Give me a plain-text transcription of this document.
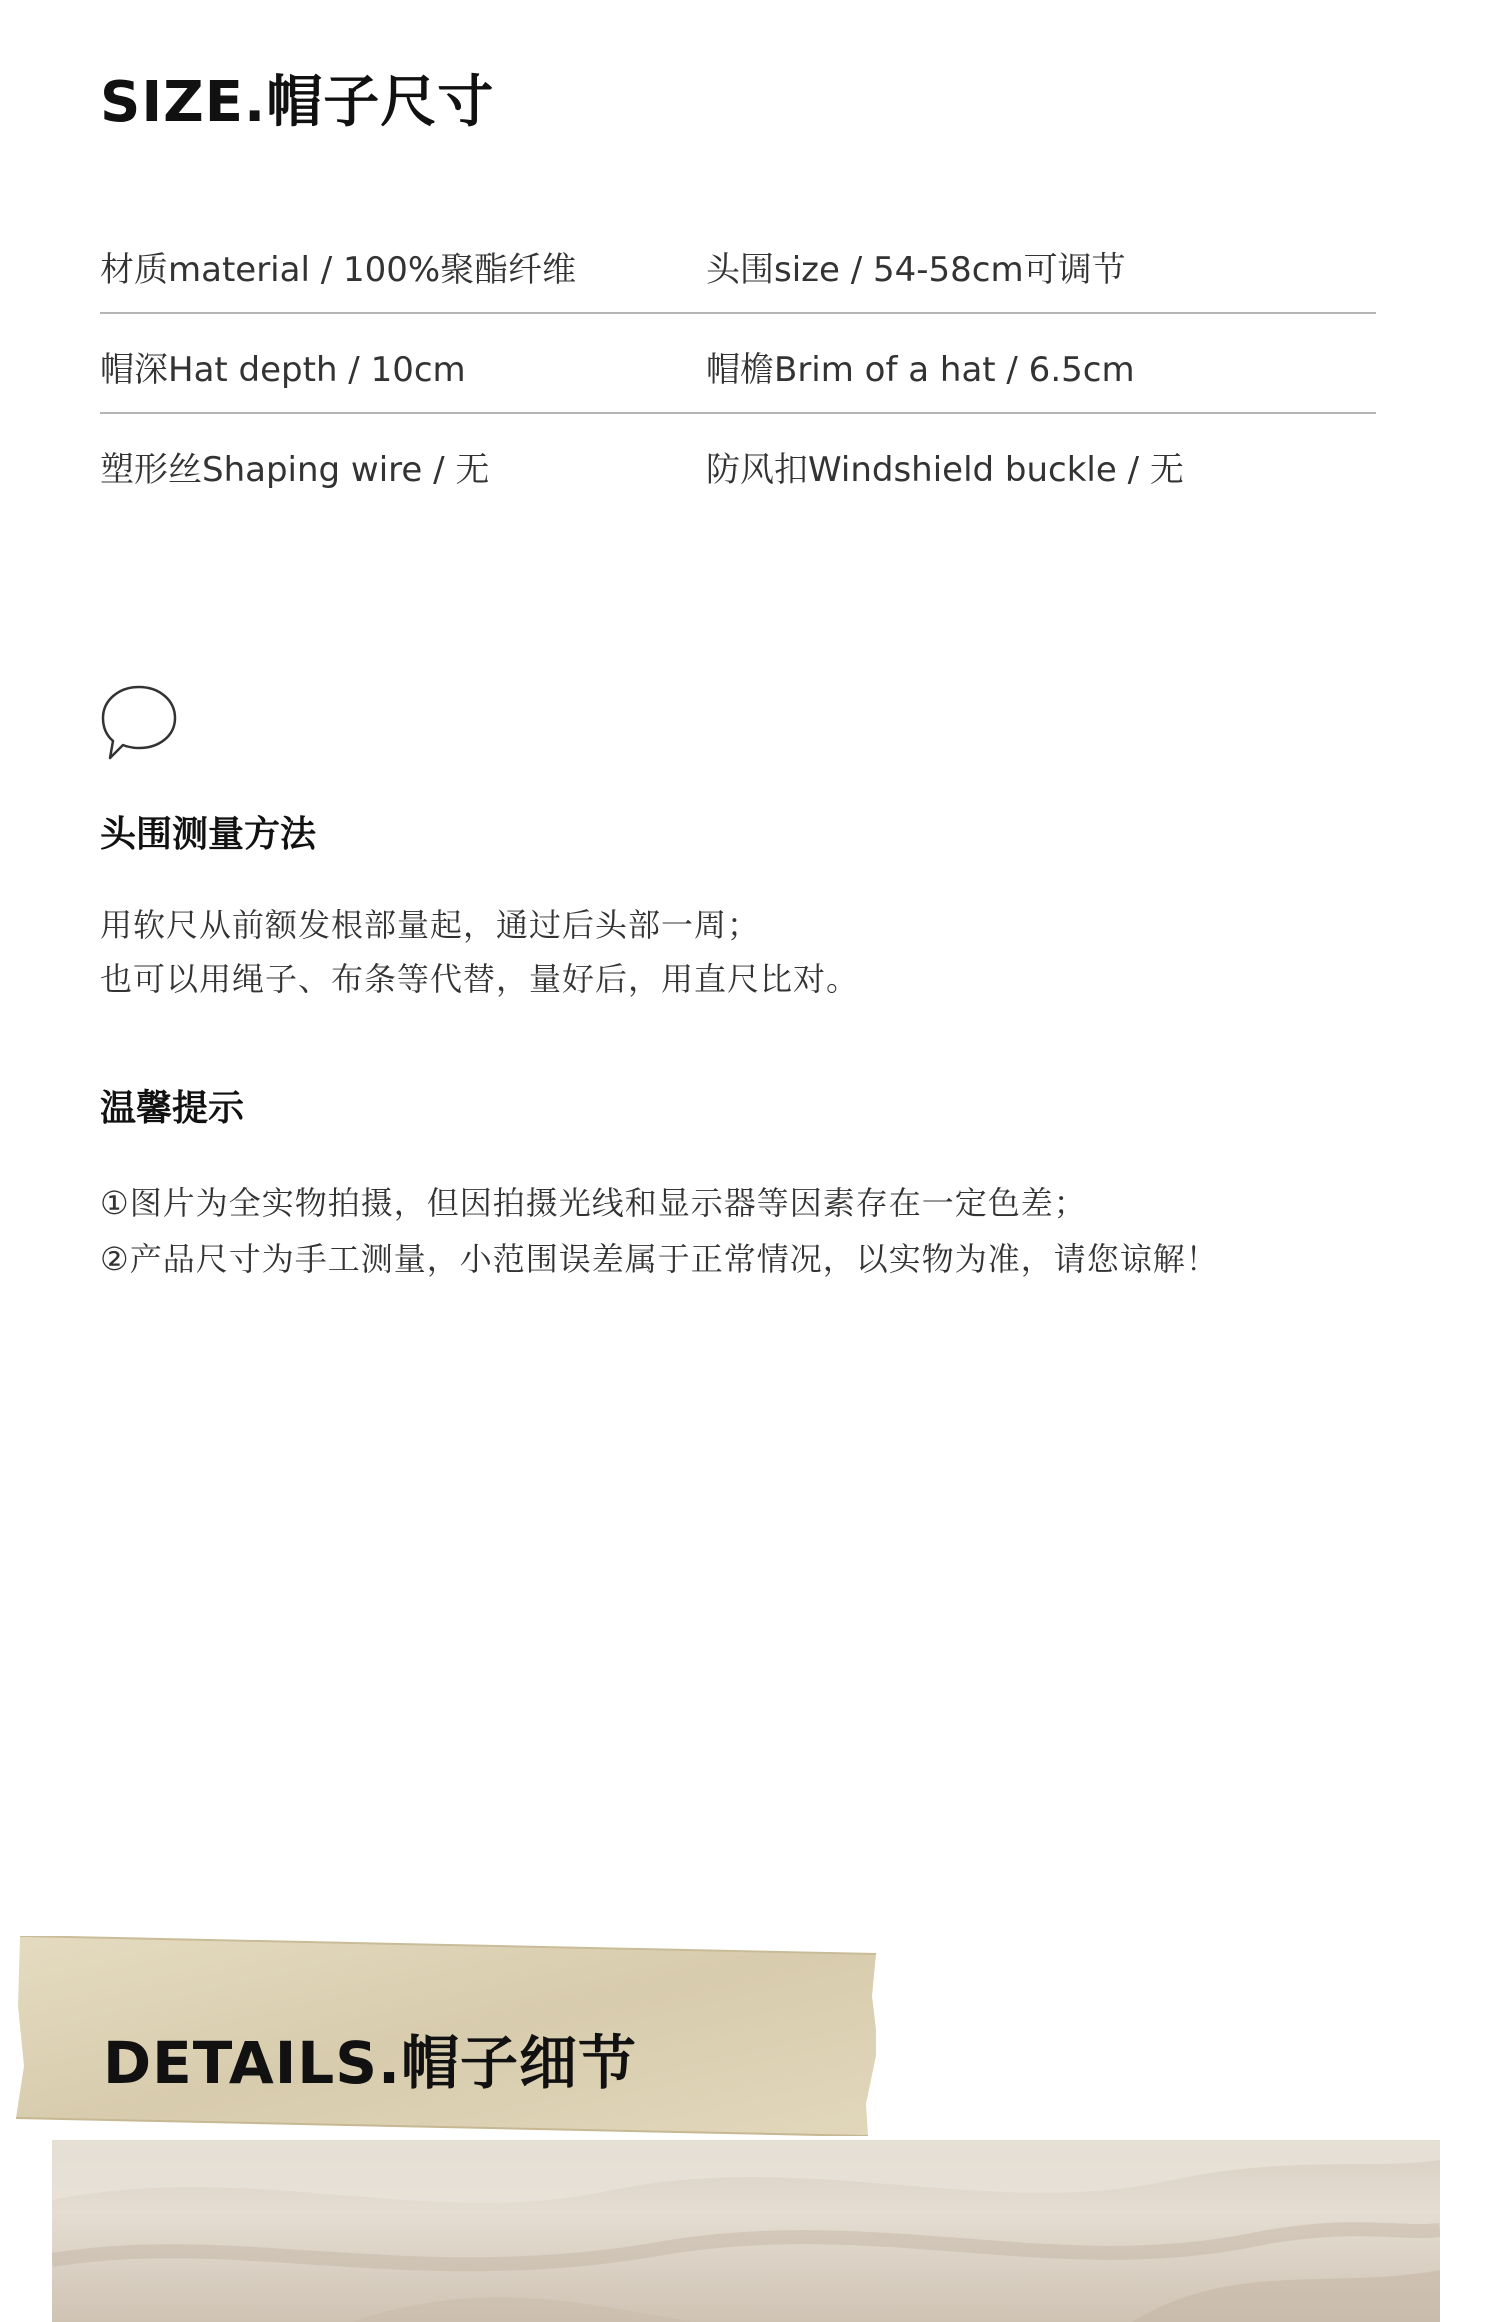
SIZE.帽子尺寸
材质material / 100%聚酯纤维	头围size / 54-58cm可调节
帽深Hat depth / 10cm	帽檐Brim of a hat / 6.5cm
塑形丝Shaping wire / 无	防风扣Windshield buckle / 无
头围测量方法
用软尺从前额发根部量起，通过后头部一周；
也可以用绳子、布条等代替，量好后，用直尺比对。
温馨提示
①图片为全实物拍摄，但因拍摄光线和显示器等因素存在一定色差；
②产品尺寸为手工测量，小范围误差属于正常情况，以实物为准，请您谅解！
DETAILS.帽子细节
